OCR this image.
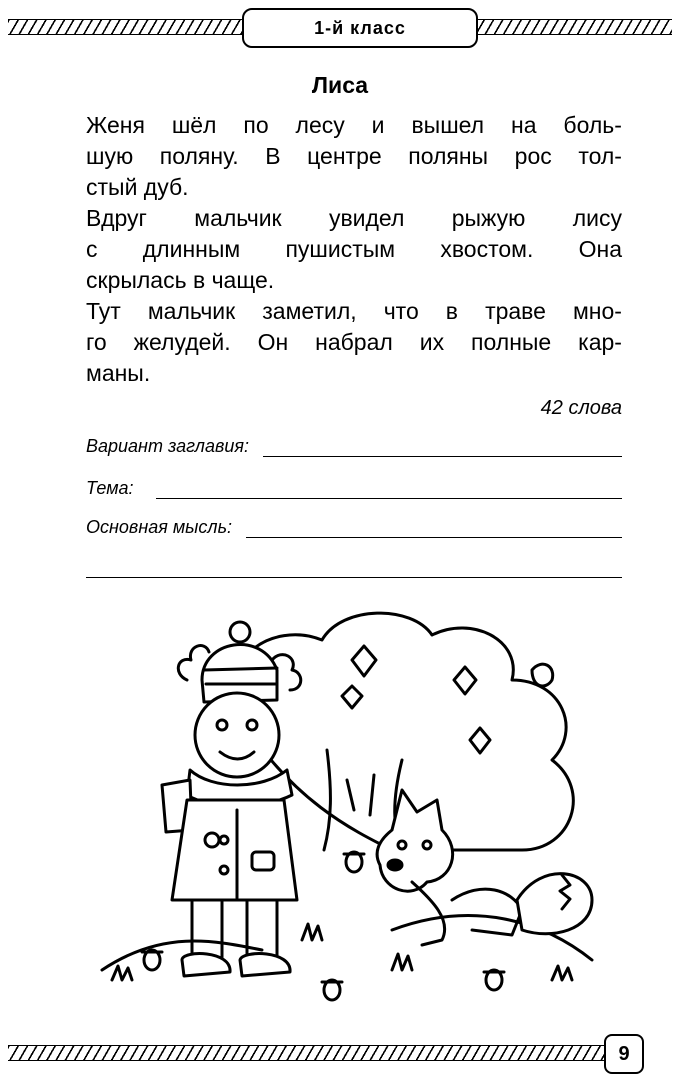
1-й класс
Лиса
Женя шёл по лесу и вышел на боль-
шую поляну. В центре поляны рос тол-

стый дуб.

Вдруг мальчик увидел рыжую лису
с длинным пушистым хвостом. Она

скрылась в чаще.

Тут мальчик заметил, что в траве мно-
го желудей. Он набрал их полные кар-

маны.

42 слова
Вариант заглавия:
Тема:
Основная мысль:
9
